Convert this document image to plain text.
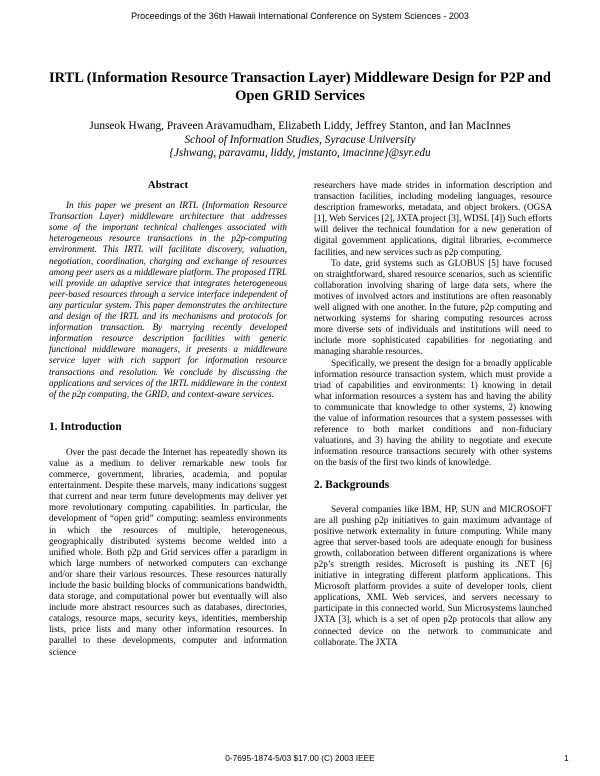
Proceedings of the 36th Hawaii International Conference on System Sciences - 2003
IRTL (Information Resource Transaction Layer) Middleware Design for P2P and
Open GRID Services
Junseok Hwang, Praveen Aravamudham, Elizabeth Liddy, Jeffrey Stanton, and Ian MacInnes
School of Information Studies, Syracuse University
{Jshwang, paravamu, liddy, jmstanto, imacinne}@syr.edu
Abstract

In this paper we present an IRTL (Information Resource Transaction Layer) middleware architecture that addresses some of the important technical challenges associated with heterogeneous resource transactions in the p2p-computing environment. This IRTL will facilitate discovery, valuation, negotiation, coordination, charging and exchange of resources among peer users as a middleware platform. The proposed ITRL will provide an adaptive service that integrates heterogeneous peer-based resources through a service interface independent of any particular system. This paper demonstrates the architecture and design of the IRTL and its mechanisms and protocols for information transaction. By marrying recently developed information resource description facilities with generic functional middleware managers, it presents a middleware service layer with rich support for information resource transactions and resolution. We conclude by discussing the applications and services of the IRTL middleware in the context of the p2p computing, the GRID, and context-aware services.

1. Introduction

Over the past decade the Internet has repeatedly shown its value as a medium to deliver remarkable new tools for commerce, government, libraries, academia, and popular entertainment. Despite these marvels, many indications suggest that current and near term future developments may deliver yet more revolutionary computing capabilities. In particular, the development of “open grid” computing: seamless environments in which the resources of multiple, heterogeneous, geographically distributed systems become welded into a unified whole. Both p2p and Grid services offer a paradigm in which large numbers of networked computers can exchange and/or share their various resources. These resources naturally include the basic building blocks of communications bandwidth, data storage, and computational power but eventually will also include more abstract resources such as databases, directories, catalogs, resource maps, security keys, identities, membership lists, price lists and many other information resources. In parallel to these developments, computer and information science

researchers have made strides in information description and transaction facilities, including modeling languages, resource description frameworks, metadata, and object brokers. (OGSA [1], Web Services [2], JXTA project [3], WDSL [4]) Such efforts will deliver the technical foundation for a new generation of digital government applications, digital libraries, e-commerce facilities, and new services such as p2p computing.

To date, grid systems such as GLOBUS [5] have focused on straightforward, shared resource scenarios, such as scientific collaboration involving sharing of large data sets, where the motives of involved actors and institutions are often reasonably well aligned with one another. In the future, p2p computing and networking systems for sharing computing resources across more diverse sets of individuals and institutions will need to include more sophisticated capabilities for negotiating and managing sharable resources.

Specifically, we present the design for a broadly applicable information resource transaction system, which must provide a triad of capabilities and environments: 1) knowing in detail what information resources a system has and having the ability to communicate that knowledge to other systems, 2) knowing the value of information resources that a system possesses with reference to both market conditions and non-fiduciary valuations, and 3) having the ability to negotiate and execute information resource transactions securely with other systems on the basis of the first two kinds of knowledge.

2. Backgrounds

Several companies like IBM, HP, SUN and MICROSOFT are all pushing p2p initiatives to gain maximum advantage of positive network externality in future computing. While many agree that server-based tools are adequate enough for business growth, collaboration between different organizations is where p2p’s strength resides. Microsoft is pushing its .NET [6] initiative in integrating different platform applications. This Microsoft platform provides a suite of developer tools, client applications, XML Web services, and servers necessary to participate in this connected world. Sun Microsystems launched JXTA [3], which is a set of open p2p protocols that allow any connected device on the network to communicate and collaborate. The JXTA

0-7695-1874-5/03 $17.00 (C) 2003 IEEE	1
